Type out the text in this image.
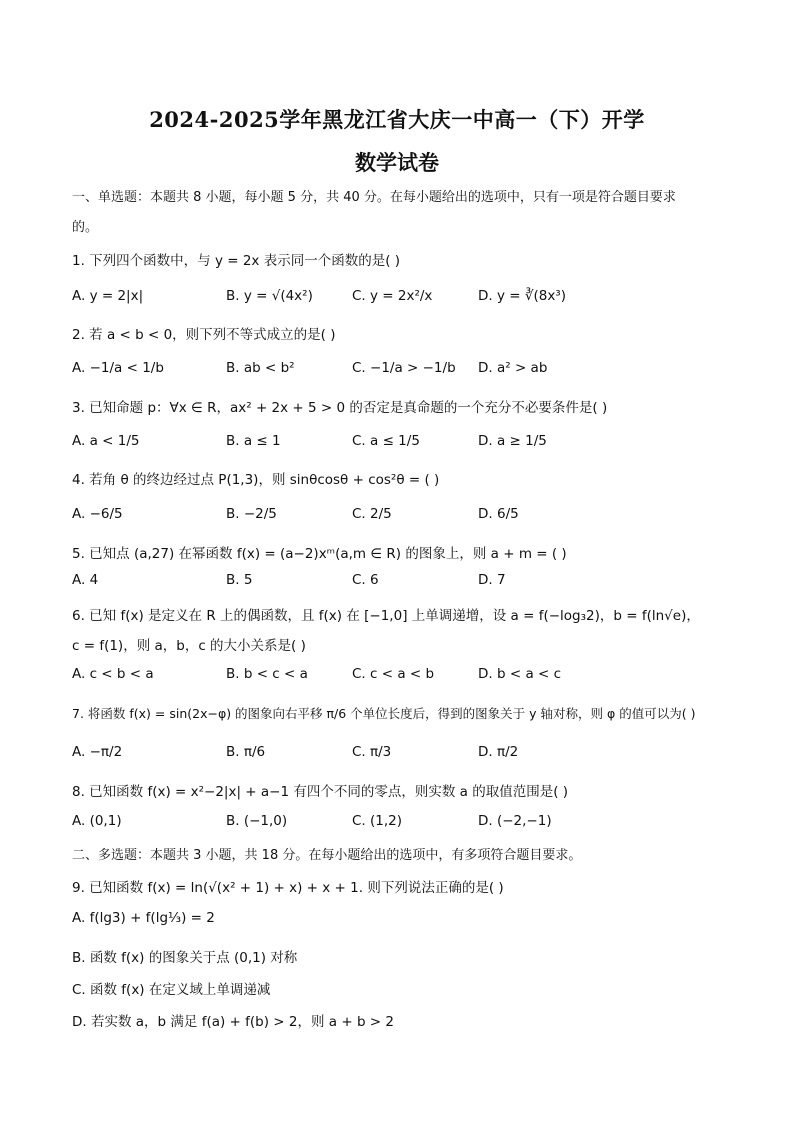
2024-2025学年黑龙江省大庆一中高一（下）开学
数学试卷
一、单选题：本题共 8 小题，每小题 5 分，共 40 分。在每小题给出的选项中，只有一项是符合题目要求
的。
1. 下列四个函数中，与 y = 2x 表示同一个函数的是( )
A. y = 2|x|	B. y = √(4x²)	C. y = 2x²/x	D. y = ∛(8x³)
2. 若 a < b < 0，则下列不等式成立的是( )
A. −1/a < 1/b	B. ab < b²	C. −1/a > −1/b D. a² > ab
3. 已知命题 p：∀x ∈ R，ax² + 2x + 5 > 0 的否定是真命题的一个充分不必要条件是( )
A. a < 1/5	B. a ≤ 1	C. a ≤ 1/5	D. a ≥ 1/5
4. 若角 θ 的终边经过点 P(1,3)，则 sinθcosθ + cos²θ = ( )
A. −6/5	B. −2/5	C. 2/5	D. 6/5
5. 已知点 (a,27) 在幂函数 f(x) = (a−2)xᵐ(a,m ∈ R) 的图象上，则 a + m = ( )
A. 4	B. 5	C. 6	D. 7
6. 已知 f(x) 是定义在 R 上的偶函数，且 f(x) 在 [−1,0] 上单调递增，设 a = f(−log₃2)，b = f(ln√e)，
c = f(1)，则 a，b，c 的大小关系是( )
A. c < b < a	B. b < c < a	C. c < a < b	D. b < a < c
7. 将函数 f(x) = sin(2x−φ) 的图象向右平移 π/6 个单位长度后，得到的图象关于 y 轴对称，则 φ 的值可以为( )
A. −π/2	B. π/6	C. π/3	D. π/2
8. 已知函数 f(x) = x²−2|x| + a−1 有四个不同的零点，则实数 a 的取值范围是( )
A. (0,1)	B. (−1,0)	C. (1,2)	D. (−2,−1)
二、多选题：本题共 3 小题，共 18 分。在每小题给出的选项中，有多项符合题目要求。
9. 已知函数 f(x) = ln(√(x² + 1) + x) + x + 1. 则下列说法正确的是( )
A. f(lg3) + f(lg⅓) = 2
B. 函数 f(x) 的图象关于点 (0,1) 对称
C. 函数 f(x) 在定义域上单调递减
D. 若实数 a，b 满足 f(a) + f(b) > 2，则 a + b > 2
